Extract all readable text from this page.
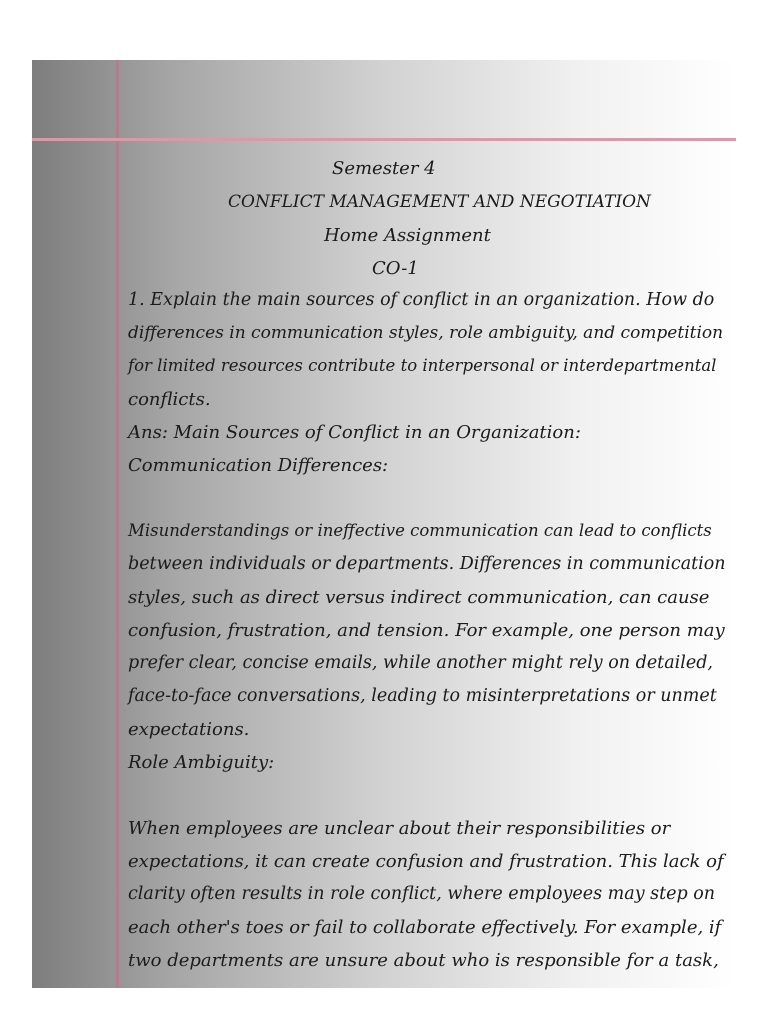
Semester 4
CONFLICT MANAGEMENT AND NEGOTIATION
Home Assignment
CO-1
1. Explain the main sources of conflict in an organization. How do
differences in communication styles, role ambiguity, and competition
for limited resources contribute to interpersonal or interdepartmental
conflicts.
Ans: Main Sources of Conflict in an Organization:
Communication Differences:
Misunderstandings or ineffective communication can lead to conflicts
between individuals or departments. Differences in communication
styles, such as direct versus indirect communication, can cause
confusion, frustration, and tension. For example, one person may
prefer clear, concise emails, while another might rely on detailed,
face-to-face conversations, leading to misinterpretations or unmet
expectations.
Role Ambiguity:
When employees are unclear about their responsibilities or
expectations, it can create confusion and frustration. This lack of
clarity often results in role conflict, where employees may step on
each other's toes or fail to collaborate effectively. For example, if
two departments are unsure about who is responsible for a task,
